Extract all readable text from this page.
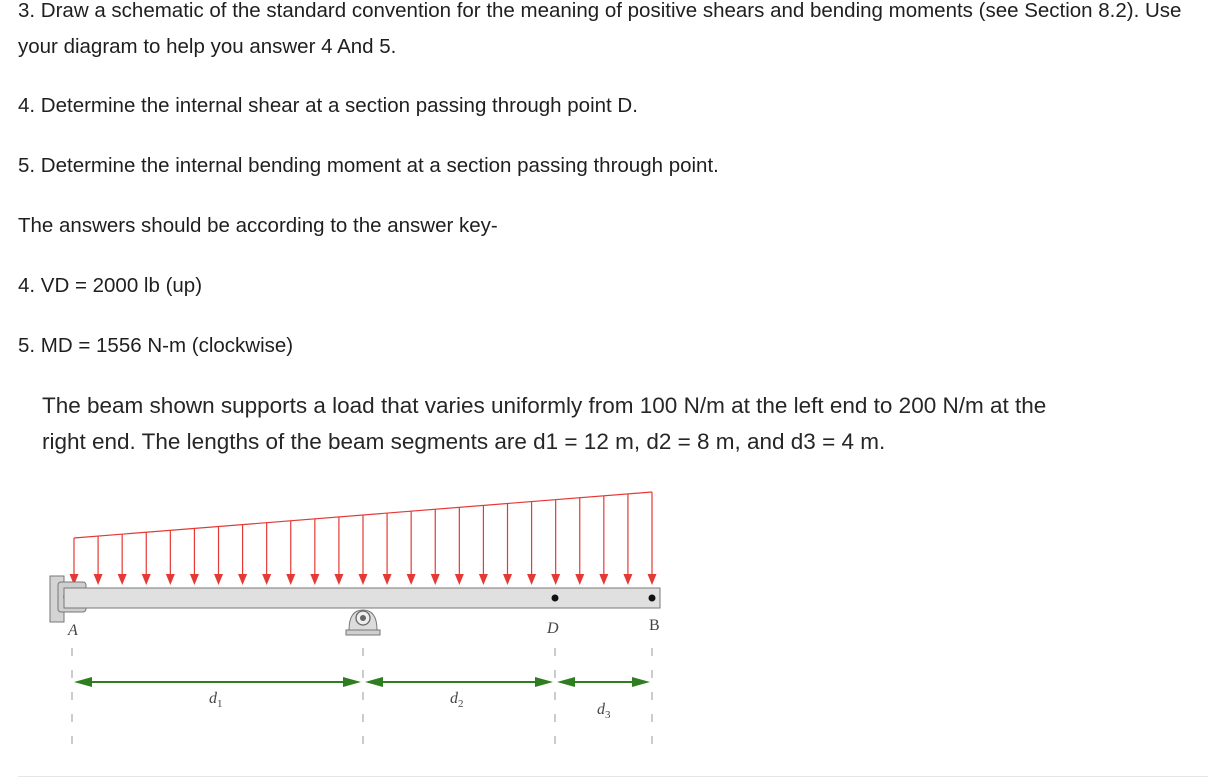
3. Draw a schematic of the standard convention for the meaning of positive shears and bending moments (see Section 8.2). Use your diagram to help you answer 4 And 5.

4. Determine the internal shear at a section passing through point D.

5. Determine the internal bending moment at a section passing through point.

The answers should be according to the answer key-

4. VD = 2000 lb (up)

5. MD = 1556 N-m (clockwise)

The beam shown supports a load that varies uniformly from 100 N/m at the left end to 200 N/m at the
right end. The lengths of the beam segments are d1 = 12 m, d2 = 8 m, and d3 = 4 m.
A	D	B
$d_1$	$d_2$	$d_3$
